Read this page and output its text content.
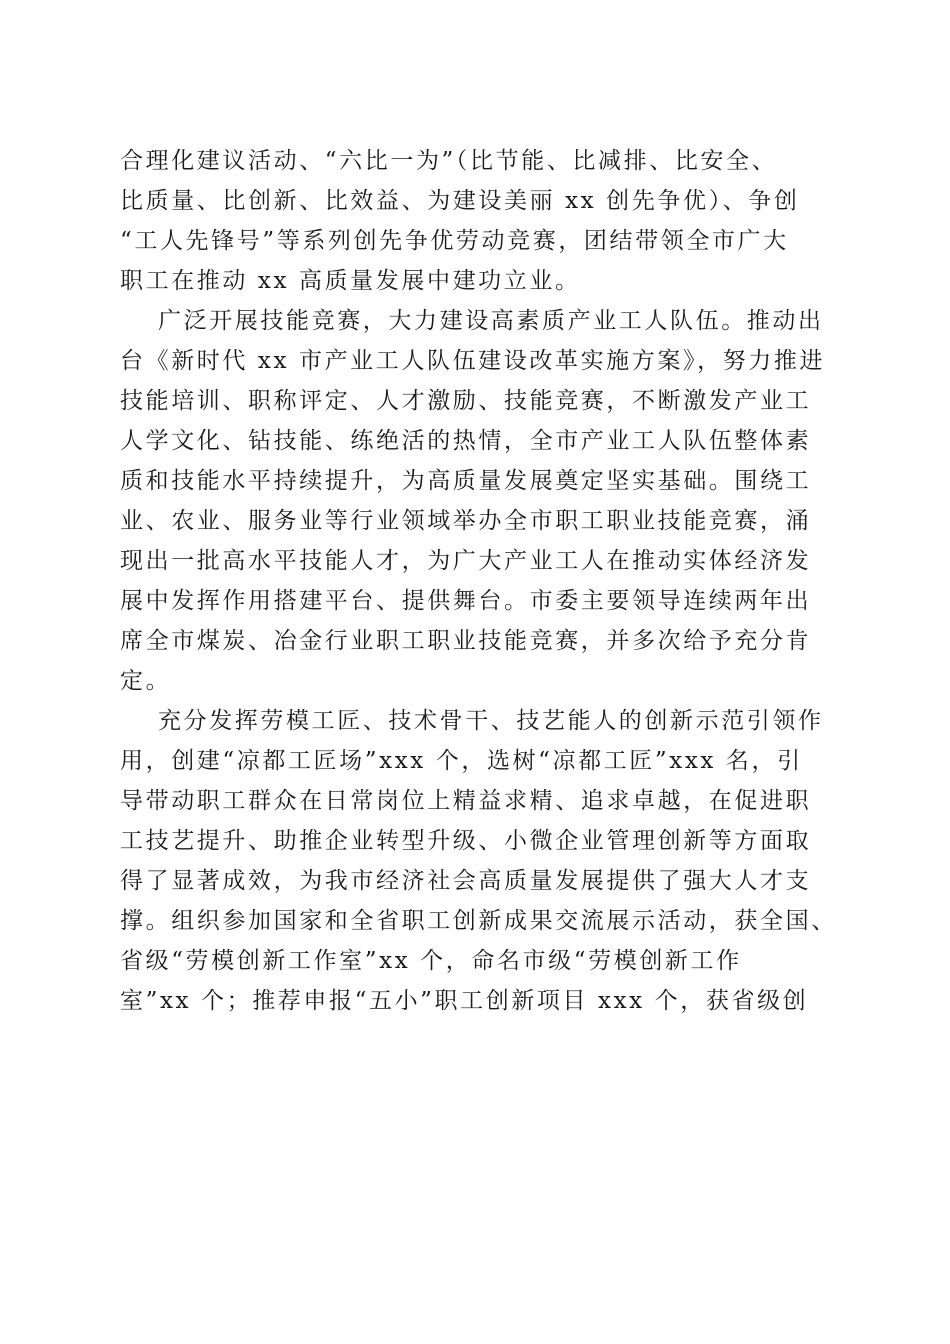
合理化建议活动、“六比一为”（比节能、比减排、比安全、
比质量、比创新、比效益、为建设美丽 xx 创先争优）、争创
“工人先锋号”等系列创先争优劳动竞赛，团结带领全市广大
职工在推动 xx 高质量发展中建功立业。
广泛开展技能竞赛，大力建设高素质产业工人队伍。推动出
台《新时代 xx 市产业工人队伍建设改革实施方案》，努力推进
技能培训、职称评定、人才激励、技能竞赛，不断激发产业工
人学文化、钻技能、练绝活的热情，全市产业工人队伍整体素
质和技能水平持续提升，为高质量发展奠定坚实基础。围绕工
业、农业、服务业等行业领域举办全市职工职业技能竞赛，涌
现出一批高水平技能人才，为广大产业工人在推动实体经济发
展中发挥作用搭建平台、提供舞台。市委主要领导连续两年出
席全市煤炭、冶金行业职工职业技能竞赛，并多次给予充分肯
定。
充分发挥劳模工匠、技术骨干、技艺能人的创新示范引领作
用，创建“凉都工匠场”xxx 个，选树“凉都工匠”xxx 名，引
导带动职工群众在日常岗位上精益求精、追求卓越，在促进职
工技艺提升、助推企业转型升级、小微企业管理创新等方面取
得了显著成效，为我市经济社会高质量发展提供了强大人才支
撑。组织参加国家和全省职工创新成果交流展示活动，获全国、
省级“劳模创新工作室”xx 个，命名市级“劳模创新工作
室”xx 个；推荐申报“五小”职工创新项目 xxx 个，获省级创
